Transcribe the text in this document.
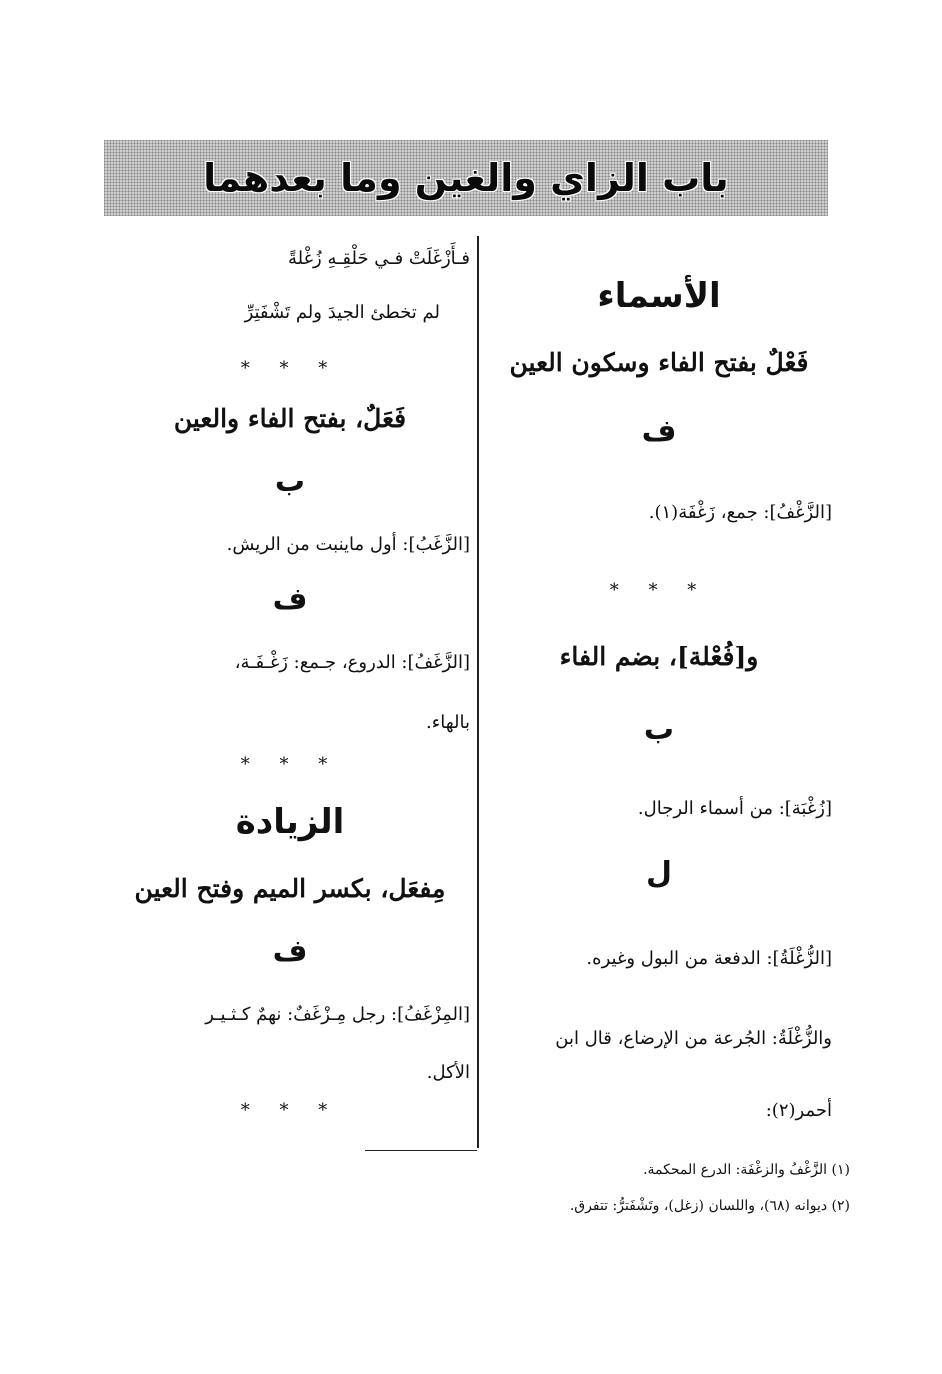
باب الزاي والغين وما بعدهما
الأسماء
فَعْلٌ بفتح الفاء وسكون العين
ف
[الزَّغْفُ]: جمع، زَغْفَة(١).
* * *
و[فُعْلة]، بضم الفاء
ب
[زُغْبَة]: من أسماء الرجال.
ل
[الزُّغْلَةُ]: الدفعة من البول وغيره.
والزُّغْلَةُ: الجُرعة من الإرضاع، قال ابن
أحمر(٢):
فـأَزْغَلَتْ فـي حَلْقِـهِ زُغْلةً
لم تخطئ الجيدَ ولم تَشْفَتِرِّ
* * *
فَعَلٌ، بفتح الفاء والعين
ب
[الزَّغَبُ]: أول ماينبت من الريش.
ف
[الزَّغَفُ]: الدروع، جـمع: زَغْـفَـة،
بالهاء.
* * *
الزيادة
مِفعَل، بكسر الميم وفتح العين
ف
[المِزْغَفُ]: رجل مِـزْغَفٌ: نهمٌ كـثـيـر
الأكل.
* * *
(١) الزَّغْفُ والزغْفَة: الدرع المحكمة.
(٢) ديوانه (٦٨)، واللسان (زغل)، وتَشْفَترُّ: تتفرق.
